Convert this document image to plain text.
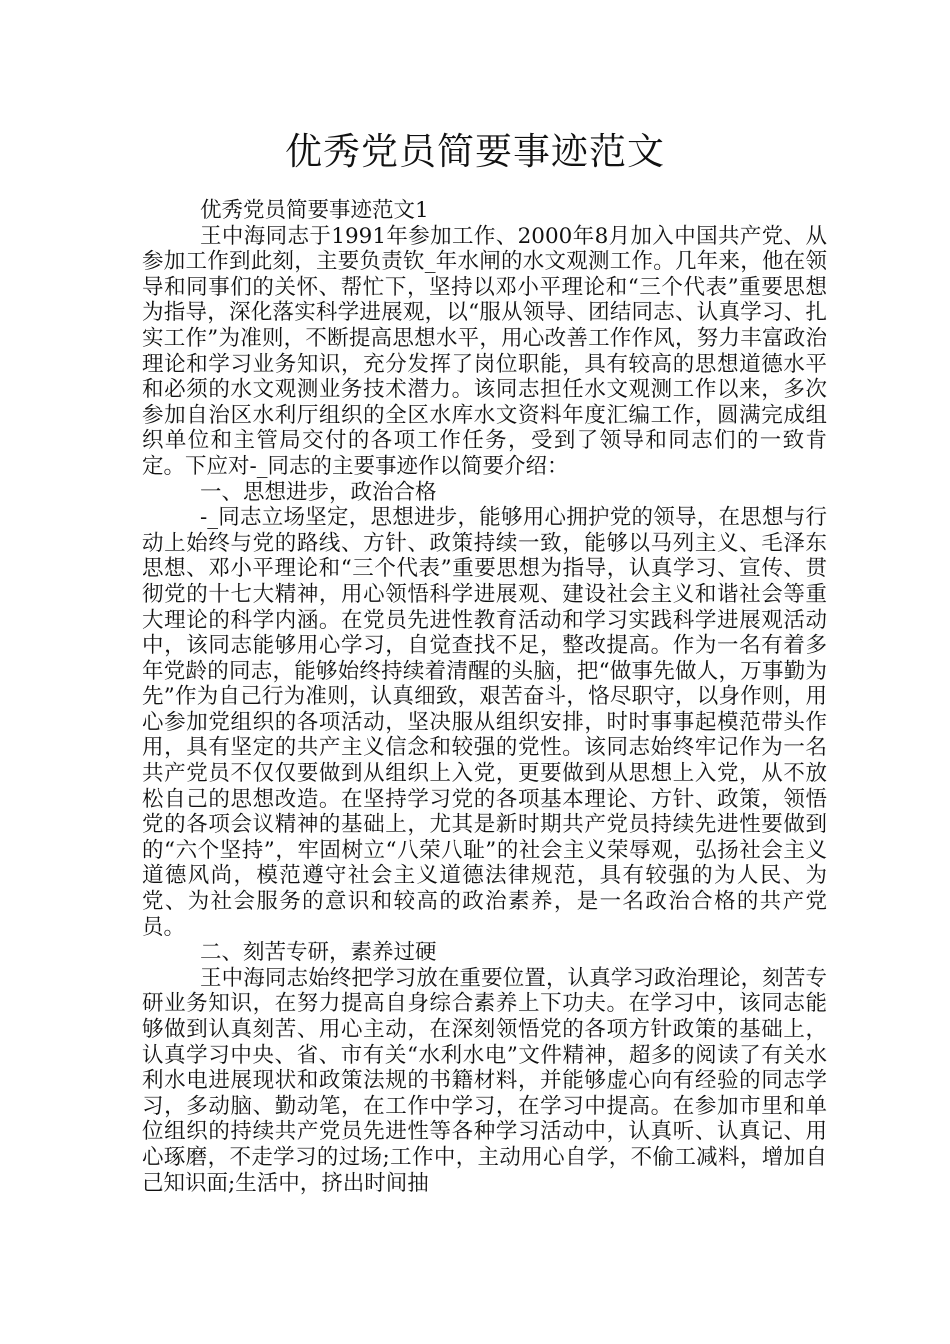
优秀党员简要事迹范文

优秀党员简要事迹范文1

王中海同志于1991年参加工作、2000年8月加入中国共产党、从参加工作到此刻，主要负责钦_年水闸的水文观测工作。几年来，他在领导和同事们的关怀、帮忙下，坚持以邓小平理论和“三个代表”重要思想为指导，深化落实科学进展观，以“服从领导、团结同志、认真学习、扎实工作”为准则，不断提高思想水平，用心改善工作作风，努力丰富政治理论和学习业务知识，充分发挥了岗位职能，具有较高的思想道德水平和必须的水文观测业务技术潜力。该同志担任水文观测工作以来，多次参加自治区水利厅组织的全区水库水文资料年度汇编工作，圆满完成组织单位和主管局交付的各项工作任务，受到了领导和同志们的一致肯定。下应对-_同志的主要事迹作以简要介绍：

一、思想进步，政治合格

-_同志立场坚定，思想进步，能够用心拥护党的领导，在思想与行动上始终与党的路线、方针、政策持续一致，能够以马列主义、毛泽东思想、邓小平理论和“三个代表”重要思想为指导，认真学习、宣传、贯彻党的十七大精神，用心领悟科学进展观、建设社会主义和谐社会等重大理论的科学内涵。在党员先进性教育活动和学习实践科学进展观活动中，该同志能够用心学习，自觉查找不足，整改提高。作为一名有着多年党龄的同志，能够始终持续着清醒的头脑，把“做事先做人，万事勤为先”作为自己行为准则，认真细致，艰苦奋斗，恪尽职守，以身作则，用心参加党组织的各项活动，坚决服从组织安排，时时事事起模范带头作用，具有坚定的共产主义信念和较强的党性。该同志始终牢记作为一名共产党员不仅仅要做到从组织上入党，更要做到从思想上入党，从不放松自己的思想改造。在坚持学习党的各项基本理论、方针、政策，领悟党的各项会议精神的基础上，尤其是新时期共产党员持续先进性要做到的“六个坚持”，牢固树立“八荣八耻”的社会主义荣辱观，弘扬社会主义道德风尚，模范遵守社会主义道德法律规范，具有较强的为人民、为党、为社会服务的意识和较高的政治素养，是一名政治合格的共产党员。

二、刻苦专研，素养过硬

王中海同志始终把学习放在重要位置，认真学习政治理论，刻苦专研业务知识，在努力提高自身综合素养上下功夫。在学习中，该同志能够做到认真刻苦、用心主动，在深刻领悟党的各项方针政策的基础上，认真学习中央、省、市有关“水利水电”文件精神，超多的阅读了有关水利水电进展现状和政策法规的书籍材料，并能够虚心向有经验的同志学习，多动脑、勤动笔，在工作中学习，在学习中提高。在参加市里和单位组织的持续共产党员先进性等各种学习活动中，认真听、认真记、用心琢磨，不走学习的过场;工作中，主动用心自学，不偷工减料，增加自己知识面;生活中，挤出时间抽
